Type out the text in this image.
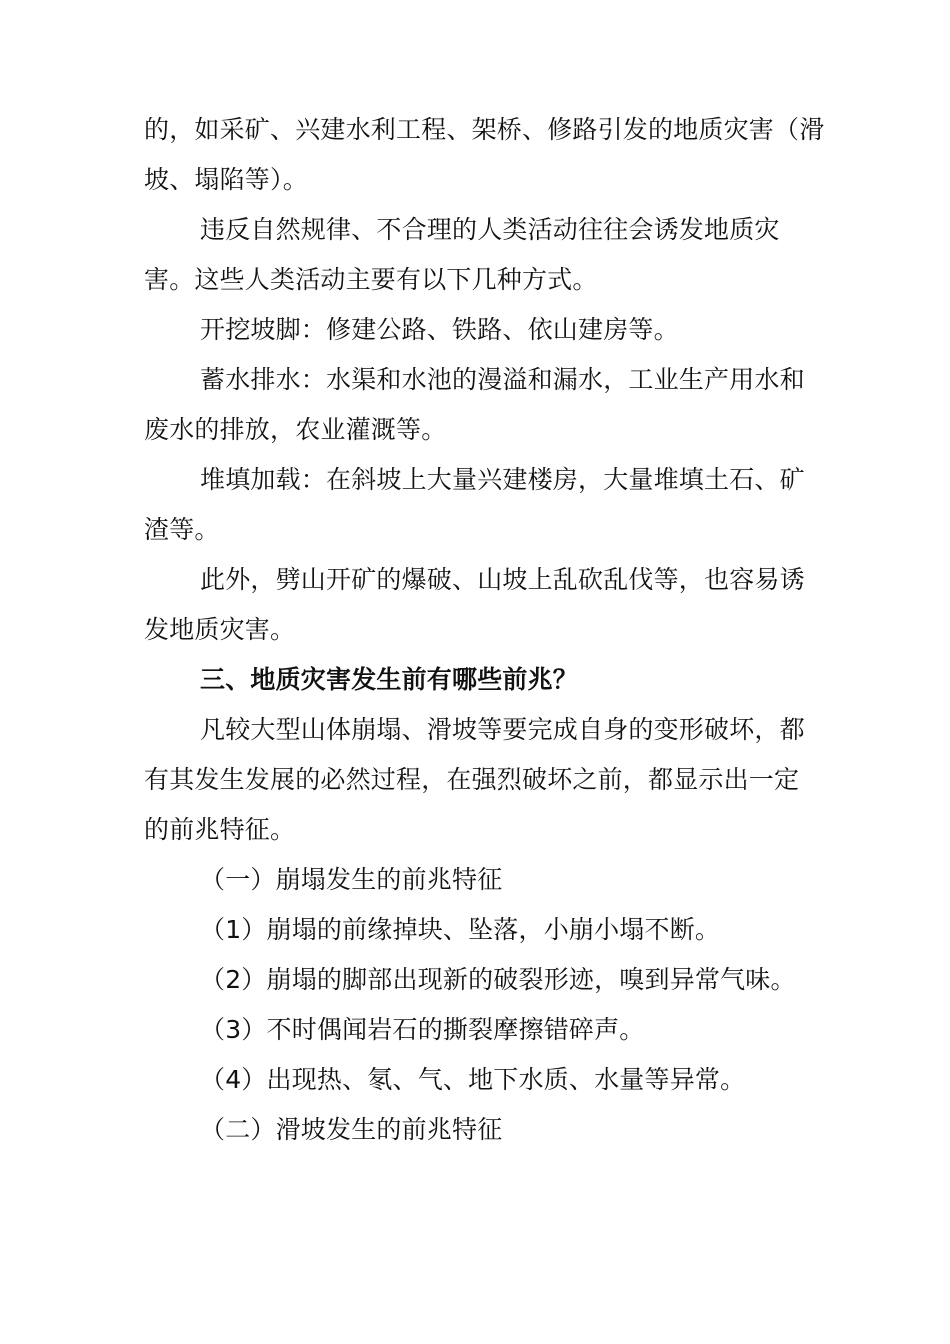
的，如采矿、兴建水利工程、架桥、修路引发的地质灾害（滑
坡、塌陷等）。
违反自然规律、不合理的人类活动往往会诱发地质灾
害。这些人类活动主要有以下几种方式。
开挖坡脚：修建公路、铁路、依山建房等。
蓄水排水：水渠和水池的漫溢和漏水，工业生产用水和
废水的排放，农业灌溉等。
堆填加载：在斜坡上大量兴建楼房，大量堆填土石、矿
渣等。
此外，劈山开矿的爆破、山坡上乱砍乱伐等，也容易诱
发地质灾害。
三、地质灾害发生前有哪些前兆？
凡较大型山体崩塌、滑坡等要完成自身的变形破坏，都
有其发生发展的必然过程，在强烈破坏之前，都显示出一定
的前兆特征。
（一）崩塌发生的前兆特征
（1）崩塌的前缘掉块、坠落，小崩小塌不断。
（2）崩塌的脚部出现新的破裂形迹，嗅到异常气味。
（3）不时偶闻岩石的撕裂摩擦错碎声。
（4）出现热、氡、气、地下水质、水量等异常。
（二）滑坡发生的前兆特征
